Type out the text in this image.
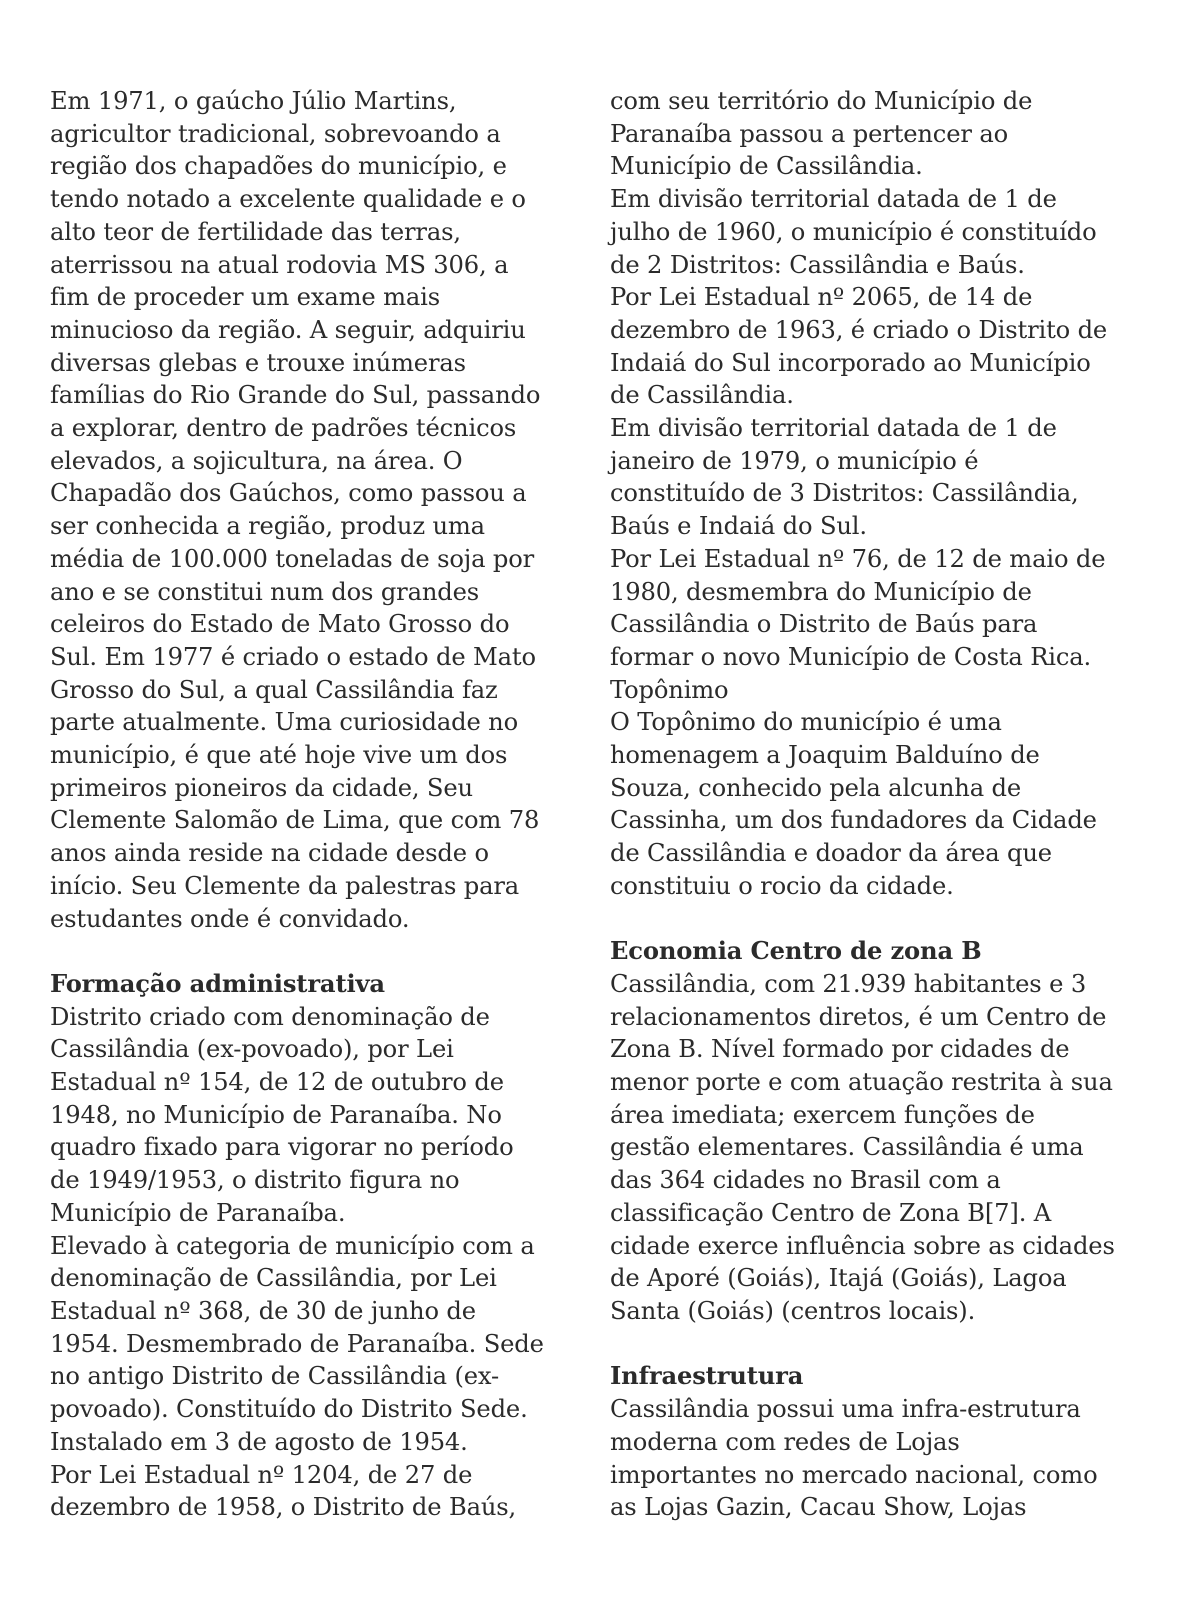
Em 1971, o gaúcho Júlio Martins,
agricultor tradicional, sobrevoando a
região dos chapadões do município, e
tendo notado a excelente qualidade e o
alto teor de fertilidade das terras,
aterrissou na atual rodovia MS 306, a
fim de proceder um exame mais
minucioso da região. A seguir, adquiriu
diversas glebas e trouxe inúmeras
famílias do Rio Grande do Sul, passando
a explorar, dentro de padrões técnicos
elevados, a sojicultura, na área. O
Chapadão dos Gaúchos, como passou a
ser conhecida a região, produz uma
média de 100.000 toneladas de soja por
ano e se constitui num dos grandes
celeiros do Estado de Mato Grosso do
Sul. Em 1977 é criado o estado de Mato
Grosso do Sul, a qual Cassilândia faz
parte atualmente. Uma curiosidade no
município, é que até hoje vive um dos
primeiros pioneiros da cidade, Seu
Clemente Salomão de Lima, que com 78
anos ainda reside na cidade desde o
início. Seu Clemente da palestras para
estudantes onde é convidado.
Formação administrativa
Distrito criado com denominação de
Cassilândia (ex-povoado), por Lei
Estadual nº 154, de 12 de outubro de
1948, no Município de Paranaíba. No
quadro fixado para vigorar no período
de 1949/1953, o distrito figura no
Município de Paranaíba.
Elevado à categoria de município com a
denominação de Cassilândia, por Lei
Estadual nº 368, de 30 de junho de
1954. Desmembrado de Paranaíba. Sede
no antigo Distrito de Cassilândia (ex-
povoado). Constituído do Distrito Sede.
Instalado em 3 de agosto de 1954.
Por Lei Estadual nº 1204, de 27 de
dezembro de 1958, o Distrito de Baús,
com seu território do Município de
Paranaíba passou a pertencer ao
Município de Cassilândia.
Em divisão territorial datada de 1 de
julho de 1960, o município é constituído
de 2 Distritos: Cassilândia e Baús.
Por Lei Estadual nº 2065, de 14 de
dezembro de 1963, é criado o Distrito de
Indaiá do Sul incorporado ao Município
de Cassilândia.
Em divisão territorial datada de 1 de
janeiro de 1979, o município é
constituído de 3 Distritos: Cassilândia,
Baús e Indaiá do Sul.
Por Lei Estadual nº 76, de 12 de maio de
1980, desmembra do Município de
Cassilândia o Distrito de Baús para
formar o novo Município de Costa Rica.
Topônimo
O Topônimo do município é uma
homenagem a Joaquim Balduíno de
Souza, conhecido pela alcunha de
Cassinha, um dos fundadores da Cidade
de Cassilândia e doador da área que
constituiu o rocio da cidade.
Economia Centro de zona B
Cassilândia, com 21.939 habitantes e 3
relacionamentos diretos, é um Centro de
Zona B. Nível formado por cidades de
menor porte e com atuação restrita à sua
área imediata; exercem funções de
gestão elementares. Cassilândia é uma
das 364 cidades no Brasil com a
classificação Centro de Zona B[7]. A
cidade exerce influência sobre as cidades
de Aporé (Goiás), Itajá (Goiás), Lagoa
Santa (Goiás) (centros locais).
Infraestrutura
Cassilândia possui uma infra-estrutura
moderna com redes de Lojas
importantes no mercado nacional, como
as Lojas Gazin, Cacau Show, Lojas
